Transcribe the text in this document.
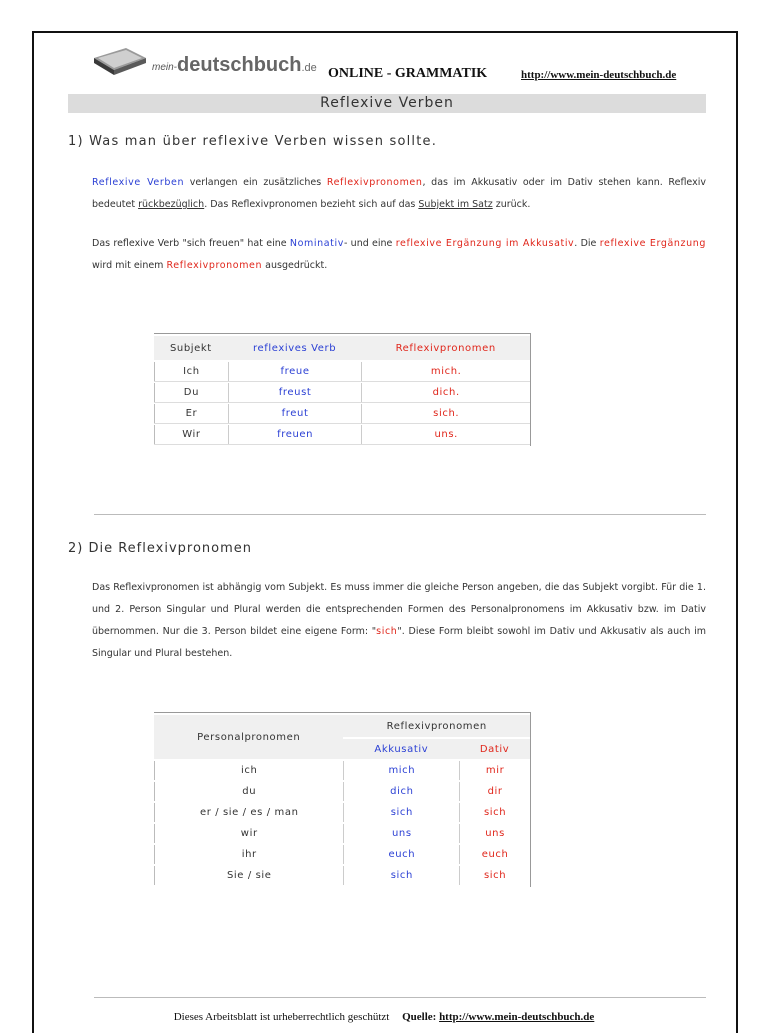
mein- deutschbuch .de ONLINE - GRAMMATIK	http://www.mein-deutschbuch.de
Reflexive Verben
1) Was man über reflexive Verben wissen sollte.
Reflexive Verben verlangen ein zusätzliches Reflexivpronomen, das im Akkusativ oder im Dativ stehen kann. Reflexiv bedeutet rückbezüglich. Das Reflexivpronomen bezieht sich auf das Subjekt im Satz zurück.
Das reflexive Verb "sich freuen" hat eine Nominativ- und eine reflexive Ergänzung im Akkusativ. Die reflexive Ergänzung wird mit einem Reflexivpronomen ausgedrückt.
Subjekt	reflexives Verb	Reflexivpronomen
Ich	freue	mich.
Du	freust	dich.
Er	freut	sich.
Wir	freuen	uns.
2) Die Reflexivpronomen
Das Reflexivpronomen ist abhängig vom Subjekt. Es muss immer die gleiche Person angeben, die das Subjekt vorgibt. Für die 1. und 2. Person Singular und Plural werden die entsprechenden Formen des Personalpronomens im Akkusativ bzw. im Dativ übernommen. Nur die 3. Person bildet eine eigene Form: "sich". Diese Form bleibt sowohl im Dativ und Akkusativ als auch im Singular und Plural bestehen.
Personalpronomen	Reflexivpronomen	
	Akkusativ	Dativ
ich	mich	mir
du	dich	dir
er / sie / es / man	sich	sich
wir	uns	uns
ihr	euch	euch
Sie / sie	sich	sich
Dieses Arbeitsblatt ist urheberrechtlich geschützt Quelle: http://www.mein-deutschbuch.de
